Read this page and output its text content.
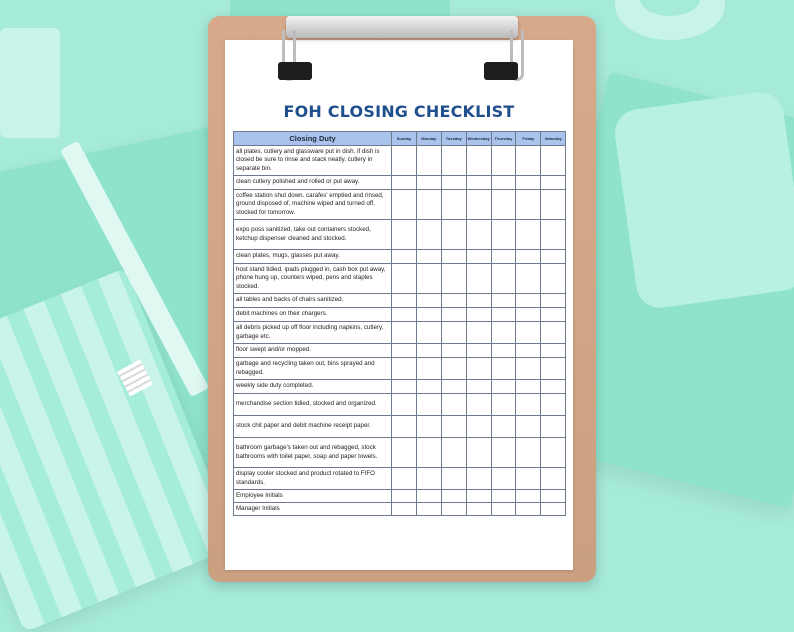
FOH CLOSING CHECKLIST
Closing Duty	Sunday	Monday	Tuesday	Wednesday	Thursday	Friday	Saturday
all plates, cutlery and glassware put in dish. if dish is closed be sure to rinse and stack neatly. cutlery in separate bin.							
clean cutlery polished and rolled or put away.							
coffee station shut down. carafes' emptied and rinsed, ground disposed of, machine wiped and turned off. stocked for tomorrow.							
expo poss sanitized, take out containers stocked, ketchup dispenser cleaned and stocked.							
clean plates, mugs, glasses put away.							
host stand tidied. ipads plugged in, cash box put away, phone hung up, counters wiped, pens and staples stocked.							
all tables and backs of chairs sanitized.							
debit machines on their chargers.							
all debris picked up off floor including napkins, cutlery, garbage etc.							
floor swept and/or mopped.							
garbage and recycling taken out, bins sprayed and rebagged.							
weekly side duty completed.							
merchandise section tidied, stocked and organized.							
stock chit paper and debit machine receipt paper.							
bathroom garbage's taken out and rebagged, stock bathrooms with toilet paper, soap and paper towels.							
display cooler stocked and product rotated to FIFO standards.							
Employee Initials							
Manager Initials							
